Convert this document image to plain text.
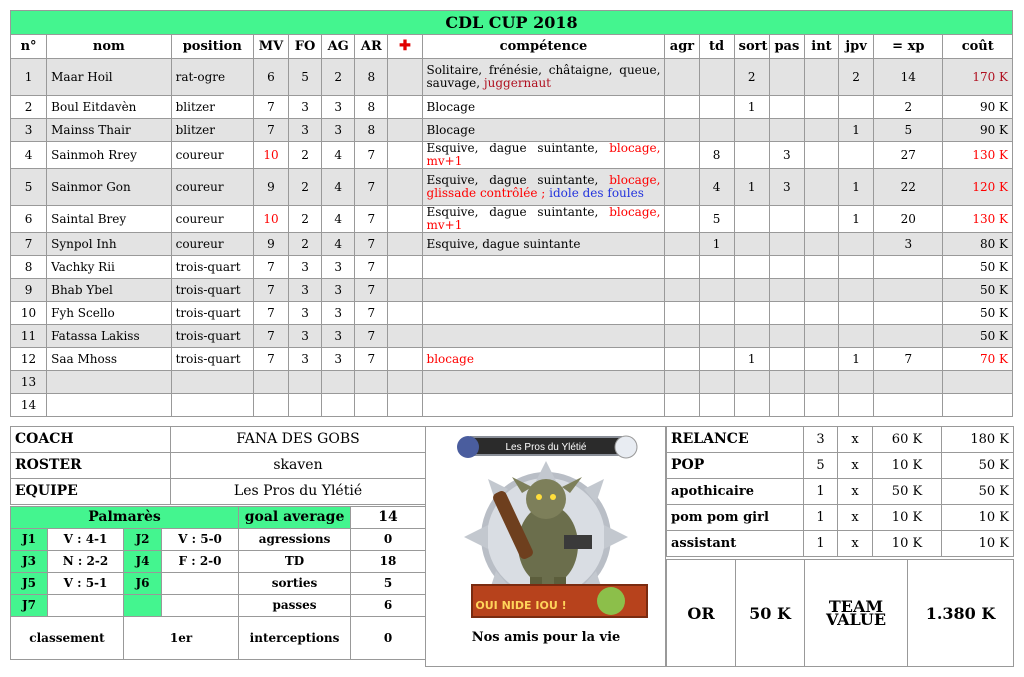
CDL CUP 2018																
n°	nom	position	MV	FO	AG	AR	✚	compétence	agr	td	sort	pas	int	jpv	= xp	coût
1	Maar Hoil	rat-ogre	6	5	2	8		Solitaire, frénésie, châtaigne, queue, sauvage, juggernaut			2			2	14	170 K
2	Boul Eitdavèn	blitzer	7	3	3	8		Blocage			1				2	90 K
3	Mainss Thair	blitzer	7	3	3	8		Blocage						1	5	90 K
4	Sainmoh Rrey	coureur	10	2	4	7		Esquive, dague suintante, blocage, mv+1		8		3			27	130 K
5	Sainmor Gon	coureur	9	2	4	7		Esquive, dague suintante, blocage, glissade contrôlée ; idole des foules		4	1	3		1	22	120 K
6	Saintal Brey	coureur	10	2	4	7		Esquive, dague suintante, blocage, mv+1		5				1	20	130 K
7	Synpol Inh	coureur	9	2	4	7		Esquive, dague suintante		1					3	80 K
8	Vachky Rii	trois-quart	7	3	3	7										50 K
9	Bhab Ybel	trois-quart	7	3	3	7										50 K
10	Fyh Scello	trois-quart	7	3	3	7										50 K
11	Fatassa Lakiss	trois-quart	7	3	3	7										50 K
12	Saa Mhoss	trois-quart	7	3	3	7		blocage			1			1	7	70 K
13																
14																
COACH	FANA DES GOBS
ROSTER	skaven
EQUIPE	Les Pros du Ylétié
Palmarès				goal average	14
J1	V : 4-1	J2	V : 5-0	agressions	0
J3	N : 2-2	J4	F : 2-0	TD	18
J5	V : 5-1	J6		sorties	5
J7				passes	6
classement		1er		interceptions	0
Les Pros du Ylétié
OUI NIDE IOU !
Nos amis pour la vie
RELANCE	3	x	60 K	180 K
POP	5	x	10 K	50 K
apothicaire	1	x	50 K	50 K
pom pom girl	1	x	10 K	10 K
assistant	1	x	10 K	10 K
OR	50 K	TEAM VALUE	1.380 K
